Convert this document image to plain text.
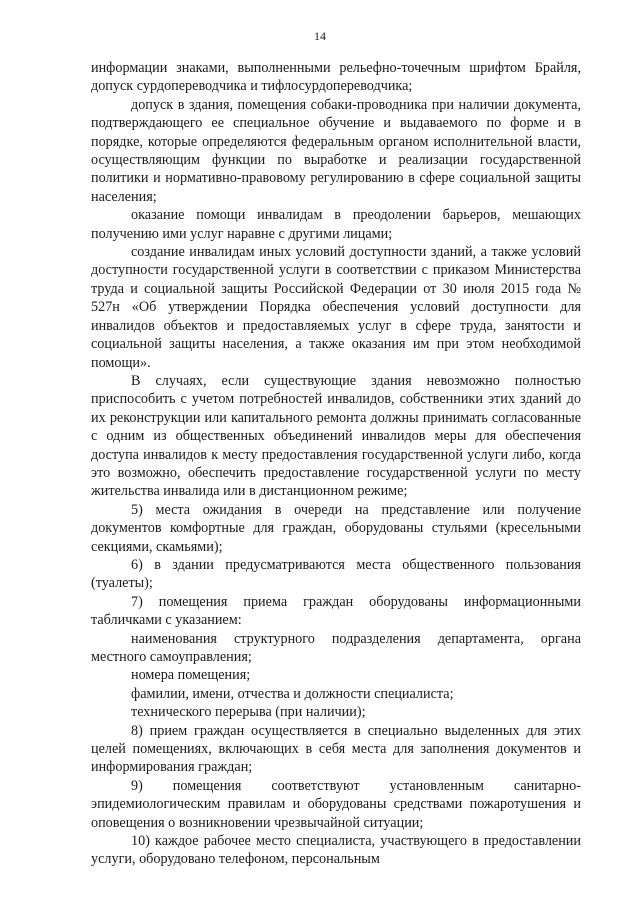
14

информации знаками, выполненными рельефно-точечным шрифтом Брайля, допуск сурдопереводчика и тифлосурдопереводчика;

допуск в здания, помещения собаки-проводника при наличии документа, подтверждающего ее специальное обучение и выдаваемого по форме и в порядке, которые определяются федеральным органом исполнительной власти, осуществляющим функции по выработке и реализации государственной политики и нормативно-правовому регулированию в сфере социальной защиты населения;

оказание помощи инвалидам в преодолении барьеров, мешающих получению ими услуг наравне с другими лицами;

создание инвалидам иных условий доступности зданий, а также условий доступности государственной услуги в соответствии с приказом Министерства труда и социальной защиты Российской Федерации от 30 июля 2015 года № 527н «Об утверждении Порядка обеспечения условий доступности для инвалидов объектов и предоставляемых услуг в сфере труда, занятости и социальной защиты населения, а также оказания им при этом необходимой помощи».

В случаях, если существующие здания невозможно полностью приспособить с учетом потребностей инвалидов, собственники этих зданий до их реконструкции или капитального ремонта должны принимать согласованные с одним из общественных объединений инвалидов меры для обеспечения доступа инвалидов к месту предоставления государственной услуги либо, когда это возможно, обеспечить предоставление государственной услуги по месту жительства инвалида или в дистанционном режиме;

5) места ожидания в очереди на представление или получение документов комфортные для граждан, оборудованы стульями (кресельными секциями, скамьями);

6) в здании предусматриваются места общественного пользования (туалеты);

7) помещения приема граждан оборудованы информационными табличками с указанием:

наименования структурного подразделения департамента, органа местного самоуправления;

номера помещения;

фамилии, имени, отчества и должности специалиста;

технического перерыва (при наличии);

8) прием граждан осуществляется в специально выделенных для этих целей помещениях, включающих в себя места для заполнения документов и информирования граждан;

9) помещения соответствуют установленным санитарно-эпидемиологическим правилам и оборудованы средствами пожаротушения и оповещения о возникновении чрезвычайной ситуации;

10) каждое рабочее место специалиста, участвующего в предоставлении услуги, оборудовано телефоном, персональным
